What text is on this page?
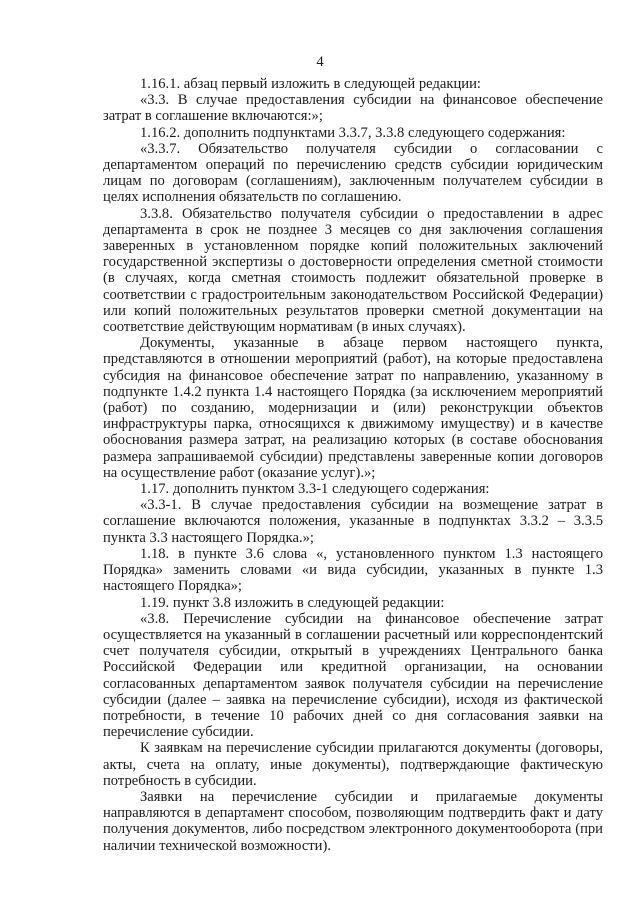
4

1.16.1. абзац первый изложить в следующей редакции:

«3.3. В случае предоставления субсидии на финансовое обеспечение затрат в соглашение включаются:»;

1.16.2. дополнить подпунктами 3.3.7, 3.3.8 следующего содержания:

«3.3.7. Обязательство получателя субсидии о согласовании с департаментом операций по перечислению средств субсидии юридическим лицам по договорам (соглашениям), заключенным получателем субсидии в целях исполнения обязательств по соглашению.

3.3.8. Обязательство получателя субсидии о предоставлении в адрес департамента в срок не позднее 3 месяцев со дня заключения соглашения заверенных в установленном порядке копий положительных заключений государственной экспертизы о достоверности определения сметной стоимости (в случаях, когда сметная стоимость подлежит обязательной проверке в соответствии с градостроительным законодательством Российской Федерации) или копий положительных результатов проверки сметной документации на соответствие действующим нормативам (в иных случаях).

Документы, указанные в абзаце первом настоящего пункта, представляются в отношении мероприятий (работ), на которые предоставлена субсидия на финансовое обеспечение затрат по направлению, указанному в подпункте 1.4.2 пункта 1.4 настоящего Порядка (за исключением мероприятий (работ) по созданию, модернизации и (или) реконструкции объектов инфраструктуры парка, относящихся к движимому имуществу) и в качестве обоснования размера затрат, на реализацию которых (в составе обоснования размера запрашиваемой субсидии) представлены заверенные копии договоров на осуществление работ (оказание услуг).»;

1.17. дополнить пунктом 3.3-1 следующего содержания:

«3.3-1. В случае предоставления субсидии на возмещение затрат в соглашение включаются положения, указанные в подпунктах 3.3.2 – 3.3.5 пункта 3.3 настоящего Порядка.»;

1.18. в пункте 3.6 слова «, установленного пунктом 1.3 настоящего Порядка» заменить словами «и вида субсидии, указанных в пункте 1.3 настоящего Порядка»;

1.19. пункт 3.8 изложить в следующей редакции:

«3.8. Перечисление субсидии на финансовое обеспечение затрат осуществляется на указанный в соглашении расчетный или корреспондентский счет получателя субсидии, открытый в учреждениях Центрального банка Российской Федерации или кредитной организации, на основании согласованных департаментом заявок получателя субсидии на перечисление субсидии (далее – заявка на перечисление субсидии), исходя из фактической потребности, в течение 10 рабочих дней со дня согласования заявки на перечисление субсидии.

К заявкам на перечисление субсидии прилагаются документы (договоры, акты, счета на оплату, иные документы), подтверждающие фактическую потребность в субсидии.

Заявки на перечисление субсидии и прилагаемые документы направляются в департамент способом, позволяющим подтвердить факт и дату получения документов, либо посредством электронного документооборота (при наличии технической возможности).
